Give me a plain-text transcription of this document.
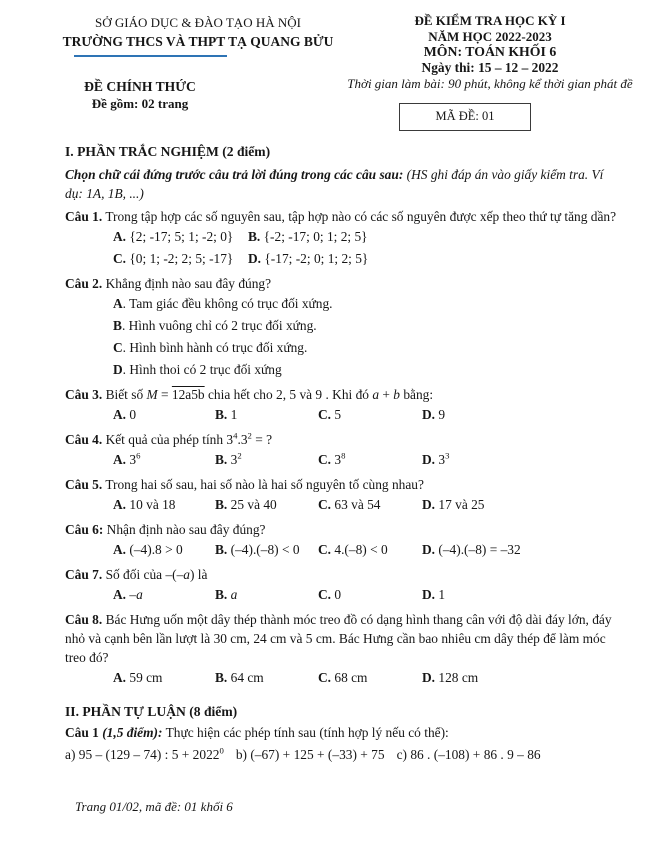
SỞ GIÁO DỤC & ĐÀO TẠO HÀ NỘI
TRƯỜNG THCS VÀ THPT TẠ QUANG BỬU
ĐỀ CHÍNH THỨC
Đề gồm: 02 trang
ĐỀ KIỂM TRA HỌC KỲ I
NĂM HỌC 2022-2023
MÔN: TOÁN KHỐI 6
Ngày thi: 15 – 12 – 2022
Thời gian làm bài: 90 phút, không kể thời gian phát đề
MÃ ĐỀ: 01
I. PHẦN TRẮC NGHIỆM (2 điểm)

Chọn chữ cái đứng trước câu trả lời đúng trong các câu sau: (HS ghi đáp án vào giấy kiểm tra. Ví dụ: 1A, 1B, ...)

Câu 1. Trong tập hợp các số nguyên sau, tập hợp nào có các số nguyên được xếp theo thứ tự tăng dần?
A. {2; -17; 5; 1; -2; 0}	B. {-2; -17; 0; 1; 2; 5}
C. {0; 1; -2; 2; 5; -17}	D. {-17; -2; 0; 1; 2; 5}
Câu 2. Khẳng định nào sau đây đúng?
A. Tam giác đều không có trục đối xứng.
B. Hình vuông chỉ có 2 trục đối xứng.
C. Hình bình hành có trục đối xứng.
D. Hình thoi có 2 trục đối xứng
Câu 3. Biết số M = 12a5b chia hết cho 2, 5 và 9 . Khi đó a + b bằng:
A. 0	B. 1	C. 5	D. 9
Câu 4. Kết quả của phép tính $3^4.3^2$ = ?
A. $3^6$	B. $3^2$	C. $3^8$	D. $3^3$
Câu 5. Trong hai số sau, hai số nào là hai số nguyên tố cùng nhau?
A. 10 và 18	B. 25 và 40	C. 63 và 54	D. 17 và 25
Câu 6: Nhận định nào sau đây đúng?
A. (–4).8 > 0	B. (–4).(–8) < 0	C. 4.(–8) < 0	D. (–4).(–8) = –32
Câu 7. Số đối của –(–a) là
A. –a	B. a	C. 0	D. 1
Câu 8. Bác Hưng uốn một dây thép thành móc treo đồ có dạng hình thang cân với độ dài đáy lớn, đáy nhỏ và cạnh bên lần lượt là 30 cm, 24 cm và 5 cm. Bác Hưng cần bao nhiêu cm dây thép để làm móc treo đó?
A. 59 cm	B. 64 cm	C. 68 cm	D. 128 cm
II. PHẦN TỰ LUẬN (8 điểm)

Câu 1 (1,5 điểm): Thực hiện các phép tính sau (tính hợp lý nếu có thể):

a) 95 – (129 – 74) : $5 + 2022^0$ b) (–67) + 125 + (–33) + 75 c) 86 . (–108) + 86 . 9 – 86
Trang 01/02, mã đề: 01 khối 6
